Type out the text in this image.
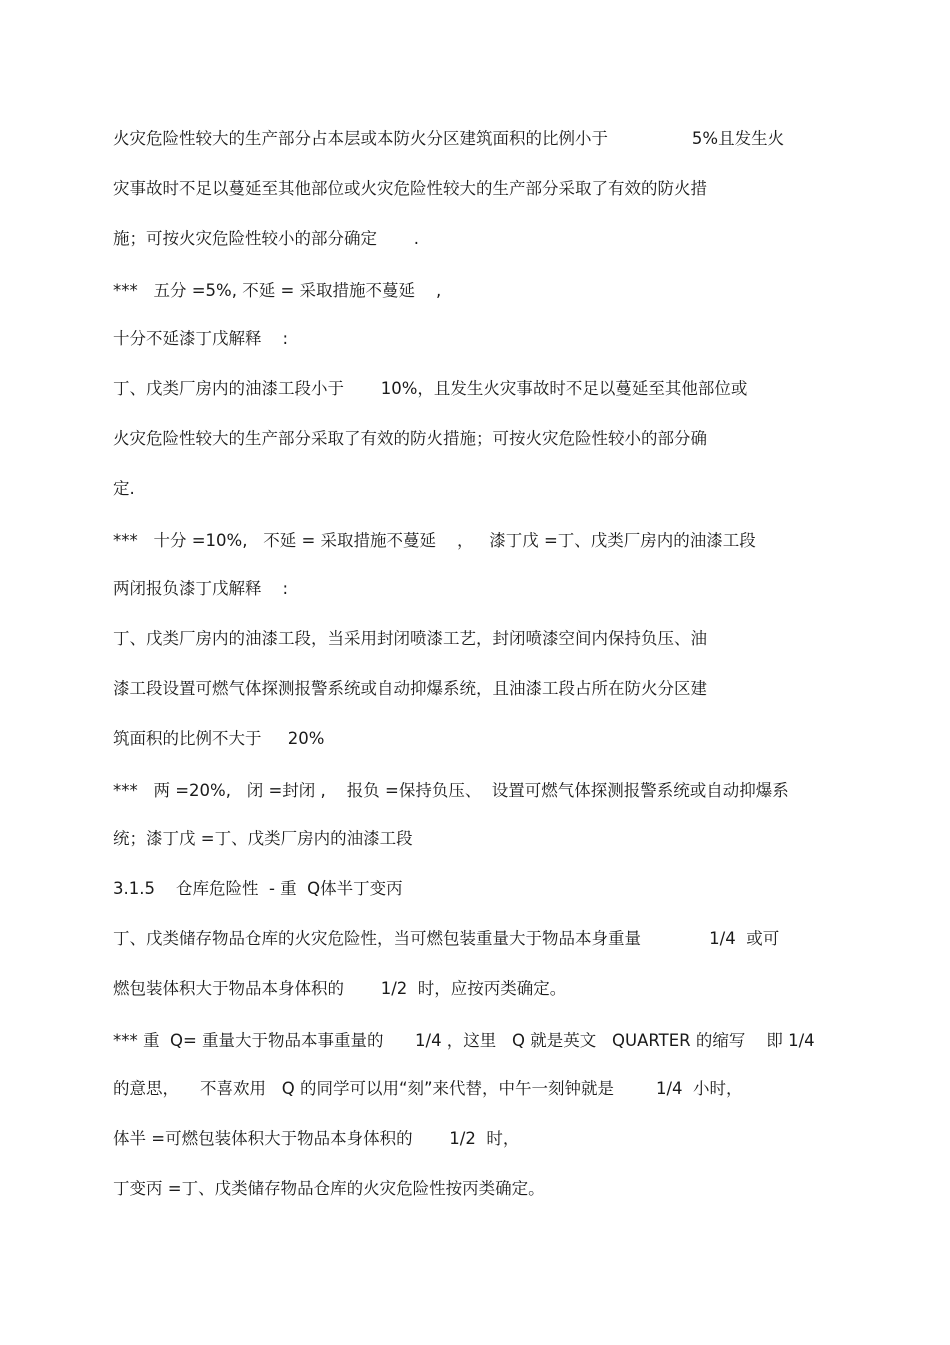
火灾危险性较大的生产部分占本层或本防火分区建筑面积的比例小于                5%且发生火
灾事故时不足以蔓延至其他部位或火灾危险性较大的生产部分采取了有效的防火措
施；可按火灾危险性较小的部分确定       .
***   五分 =5%, 不延 = 采取措施不蔓延    ,
十分不延漆丁戊解释    :
丁、戊类厂房内的油漆工段小于       10%，且发生火灾事故时不足以蔓延至其他部位或
火灾危险性较大的生产部分采取了有效的防火措施；可按火灾危险性较小的部分确
定.
***   十分 =10%,   不延 = 采取措施不蔓延    ，   漆丁戊 =丁、戊类厂房内的油漆工段
两闭报负漆丁戊解释    :
丁、戊类厂房内的油漆工段，当采用封闭喷漆工艺，封闭喷漆空间内保持负压、油
漆工段设置可燃气体探测报警系统或自动抑爆系统，且油漆工段占所在防火分区建
筑面积的比例不大于     20%
***   两 =20%,   闭 =封闭 ,    报负 =保持负压、  设置可燃气体探测报警系统或自动抑爆系
统；漆丁戊 =丁、戊类厂房内的油漆工段
3.1.5    仓库危险性  - 重  Q体半丁变丙
丁、戊类储存物品仓库的火灾危险性，当可燃包装重量大于物品本身重量             1/4  或可
燃包装体积大于物品本身体积的       1/2  时，应按丙类确定。
*** 重  Q= 重量大于物品本事重量的      1/4 ，这里   Q 就是英文   QUARTER 的缩写    即 1/4
的意思，    不喜欢用   Q 的同学可以用“刻”来代替，中午一刻钟就是        1/4  小时，
体半 =可燃包装体积大于物品本身体积的       1/2  时，
丁变丙 =丁、戊类储存物品仓库的火灾危险性按丙类确定。
